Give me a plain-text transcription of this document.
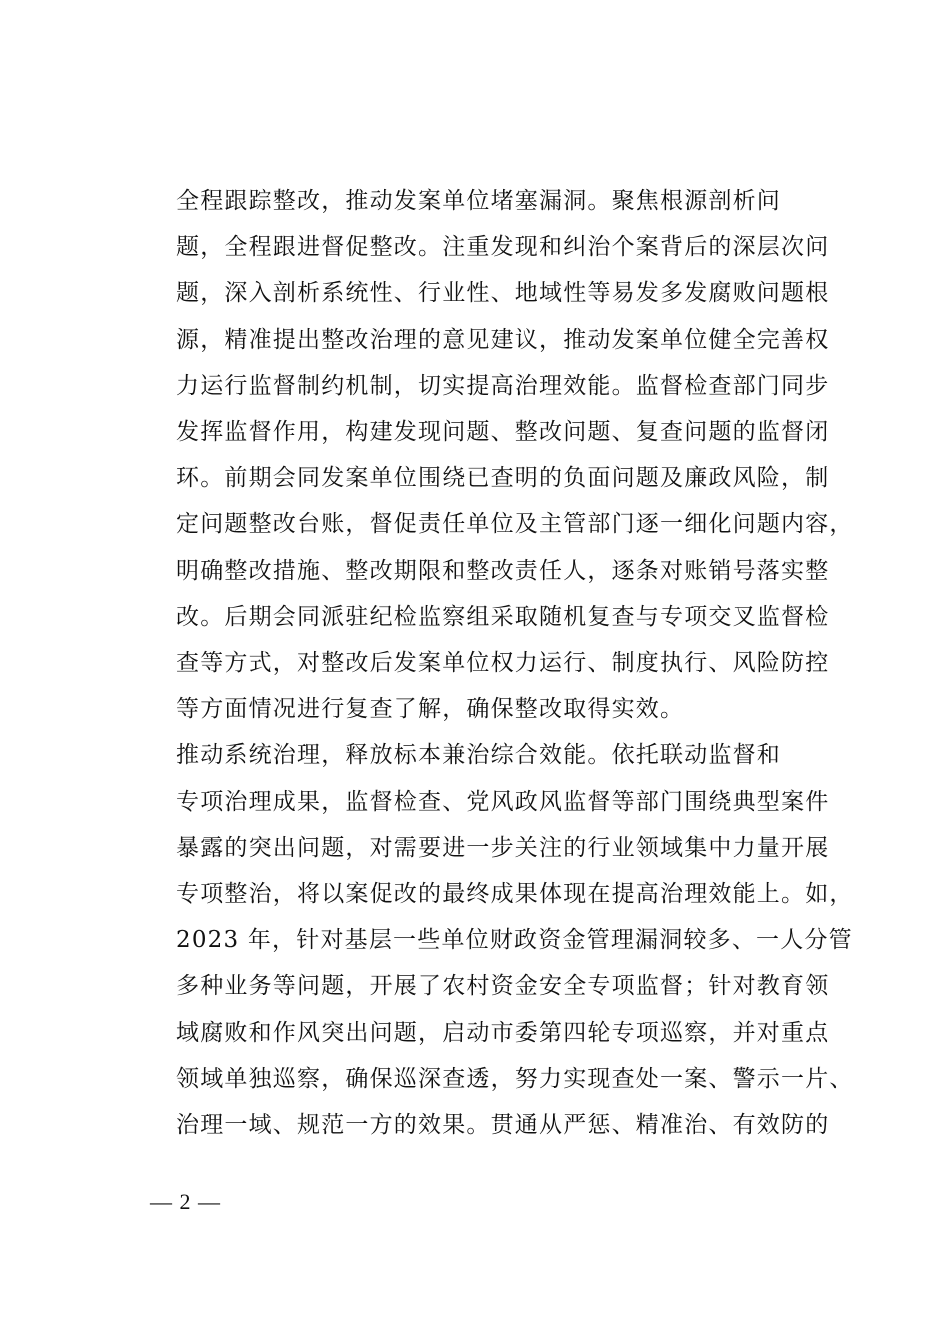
全程跟踪整改，推动发案单位堵塞漏洞。聚焦根源剖析问
题，全程跟进督促整改。注重发现和纠治个案背后的深层次问
题，深入剖析系统性、行业性、地域性等易发多发腐败问题根
源，精准提出整改治理的意见建议，推动发案单位健全完善权
力运行监督制约机制，切实提高治理效能。监督检查部门同步
发挥监督作用，构建发现问题、整改问题、复查问题的监督闭
环。前期会同发案单位围绕已查明的负面问题及廉政风险，制
定问题整改台账，督促责任单位及主管部门逐一细化问题内容，
明确整改措施、整改期限和整改责任人，逐条对账销号落实整
改。后期会同派驻纪检监察组采取随机复查与专项交叉监督检
查等方式，对整改后发案单位权力运行、制度执行、风险防控
等方面情况进行复查了解，确保整改取得实效。

推动系统治理，释放标本兼治综合效能。依托联动监督和
专项治理成果，监督检查、党风政风监督等部门围绕典型案件
暴露的突出问题，对需要进一步关注的行业领域集中力量开展
专项整治，将以案促改的最终成果体现在提高治理效能上。如，
2023 年，针对基层一些单位财政资金管理漏洞较多、一人分管
多种业务等问题，开展了农村资金安全专项监督；针对教育领
域腐败和作风突出问题，启动市委第四轮专项巡察，并对重点
领域单独巡察，确保巡深查透，努力实现查处一案、警示一片、
治理一域、规范一方的效果。贯通从严惩、精准治、有效防的

— 2 —
